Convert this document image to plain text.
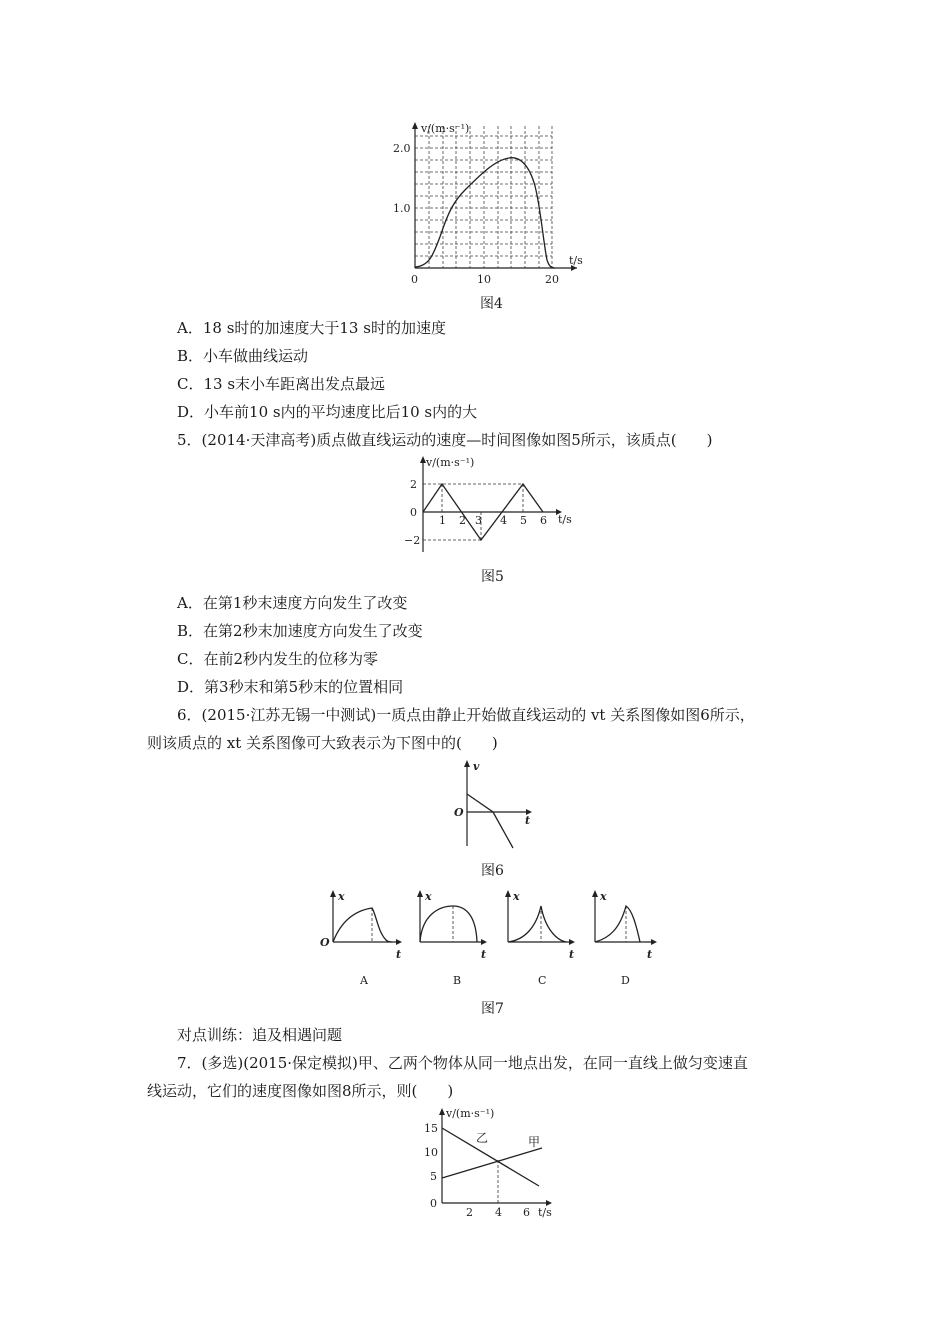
v/(m·s⁻¹)
t/s
2.0
1.0
0	10	20
图4
A．18 s时的加速度大于13 s时的加速度
B．小车做曲线运动
C．13 s末小车距离出发点最远
D．小车前10 s内的平均速度比后10 s内的大
5．(2014·天津高考)质点做直线运动的速度—时间图像如图5所示，该质点(　　)
v/(m·s⁻¹)
t/s
2
0
−2
1 2 3 4 5 6
图5
A．在第1秒末速度方向发生了改变
B．在第2秒末加速度方向发生了改变
C．在前2秒内发生的位移为零
D．第3秒末和第5秒末的位置相同
6．(2015·江苏无锡一中测试)一质点由静止开始做直线运动的 vt 关系图像如图6所示，
则该质点的 xt 关系图像可大致表示为下图中的(　　)
v
t
O
图6
x
t
O
A
x
t
B
x
t
C
x
t
D
图7
对点训练：追及相遇问题
7．(多选)(2015·保定模拟)甲、乙两个物体从同一地点出发，在同一直线上做匀变速直
线运动，它们的速度图像如图8所示，则(　　)
v/(m·s⁻¹)
t/s
15
10
5
0
2 4 6
乙	甲
